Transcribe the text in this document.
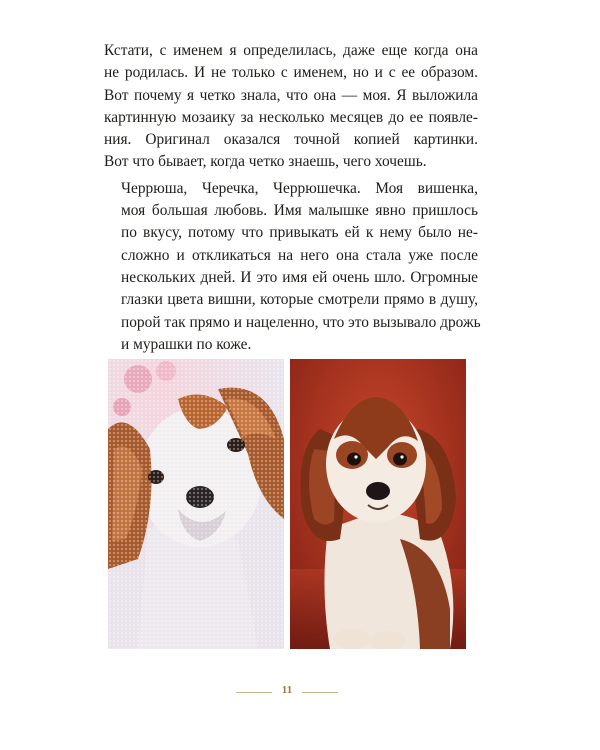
Кстати, с именем я определилась, даже еще когда она
не родилась. И не только с именем, но и с ее образом.
Вот почему я четко знала, что она — моя. Я выложила
картинную мозаику за несколько месяцев до ее появле-
ния. Оригинал оказался точной копией картинки.
Вот что бывает, когда четко знаешь, чего хочешь.

Черрюша, Черечка, Черрюшечка. Моя вишенка,
моя большая любовь. Имя малышке явно пришлось
по вкусу, потому что привыкать ей к нему было не-
сложно и откликаться на него она стала уже после
нескольких дней. И это имя ей очень шло. Огромные
глазки цвета вишни, которые смотрели прямо в душу,
порой так прямо и нацеленно, что это вызывало дрожь
и мурашки по коже.

11
